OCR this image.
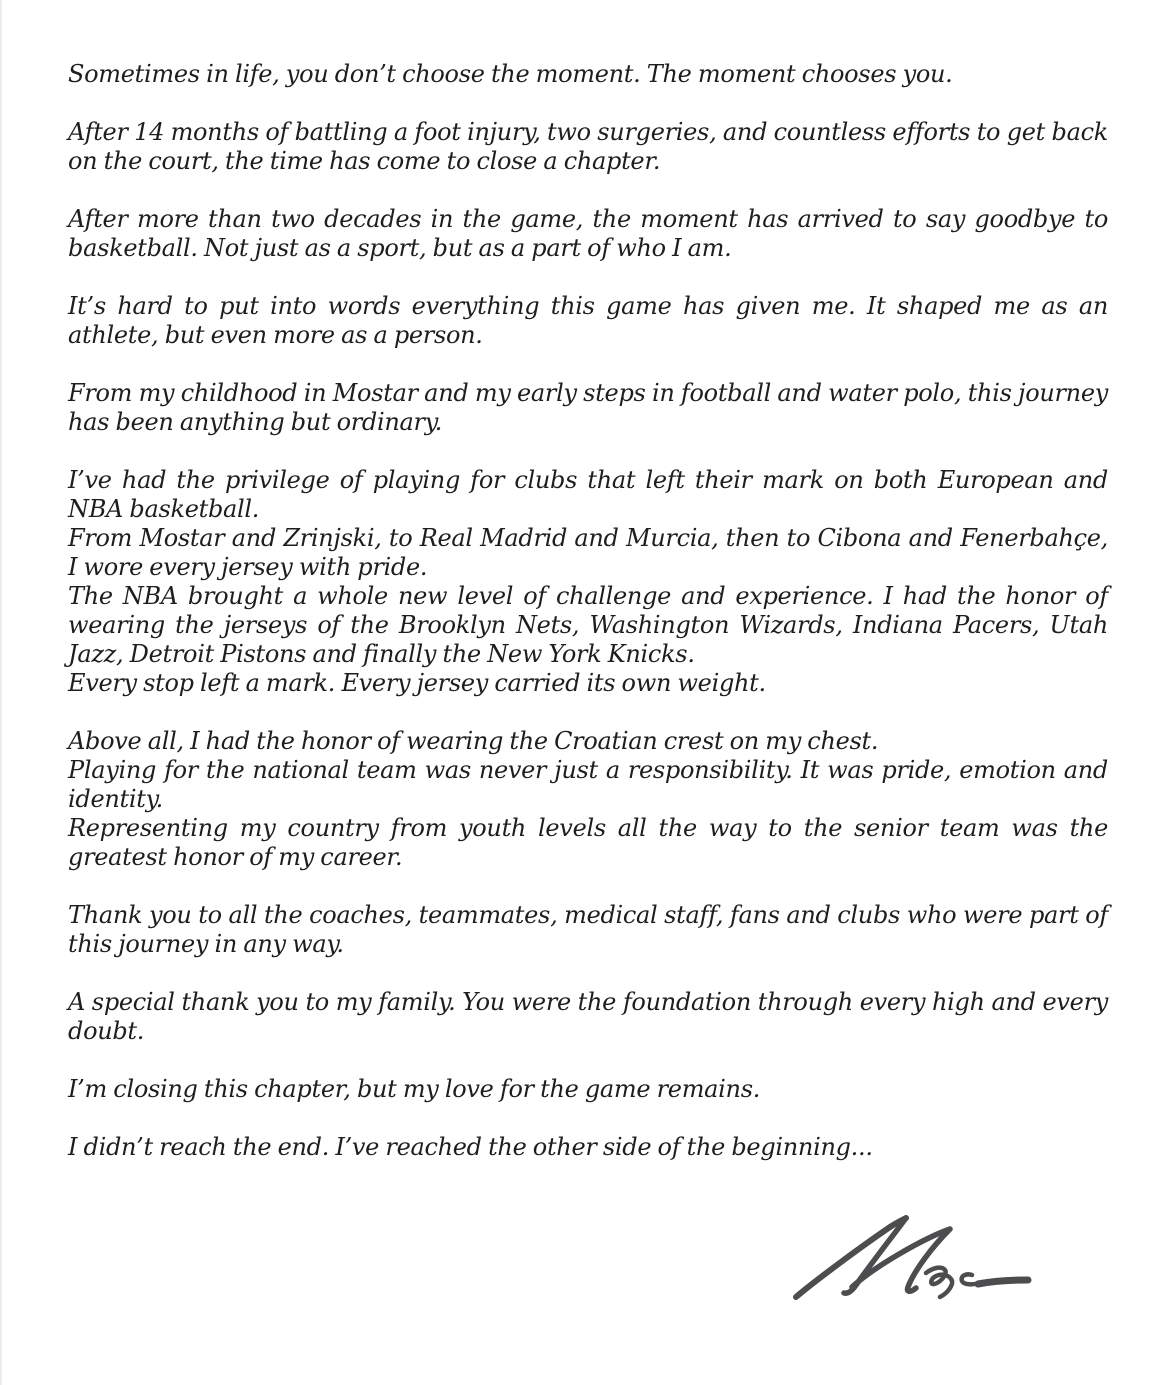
Sometimes in life, you don’t choose the moment. The moment chooses you.

After 14 months of battling a foot injury, two surgeries, and countless efforts to get back on the court, the time has come to close a chapter.

After more than two decades in the game, the moment has arrived to say goodbye to basketball. Not just as a sport, but as a part of who I am.

It’s hard to put into words everything this game has given me. It shaped me as an athlete, but even more as a person.

From my childhood in Mostar and my early steps in football and water polo, this journey has been anything but ordinary.

I’ve had the privilege of playing for clubs that left their mark on both European and NBA basketball.

From Mostar and Zrinjski, to Real Madrid and Murcia, then to Cibona and Fenerbahçe, I wore every jersey with pride.

The NBA brought a whole new level of challenge and experience. I had the honor of wearing the jerseys of the Brooklyn Nets, Washington Wizards, Indiana Pacers, Utah Jazz, Detroit Pistons and finally the New York Knicks.

Every stop left a mark. Every jersey carried its own weight.

Above all, I had the honor of wearing the Croatian crest on my chest.

Playing for the national team was never just a responsibility. It was pride, emotion and identity.

Representing my country from youth levels all the way to the senior team was the greatest honor of my career.

Thank you to all the coaches, teammates, medical staff, fans and clubs who were part of this journey in any way.

A special thank you to my family. You were the foundation through every high and every doubt.

I’m closing this chapter, but my love for the game remains.

I didn’t reach the end. I’ve reached the other side of the beginning...
